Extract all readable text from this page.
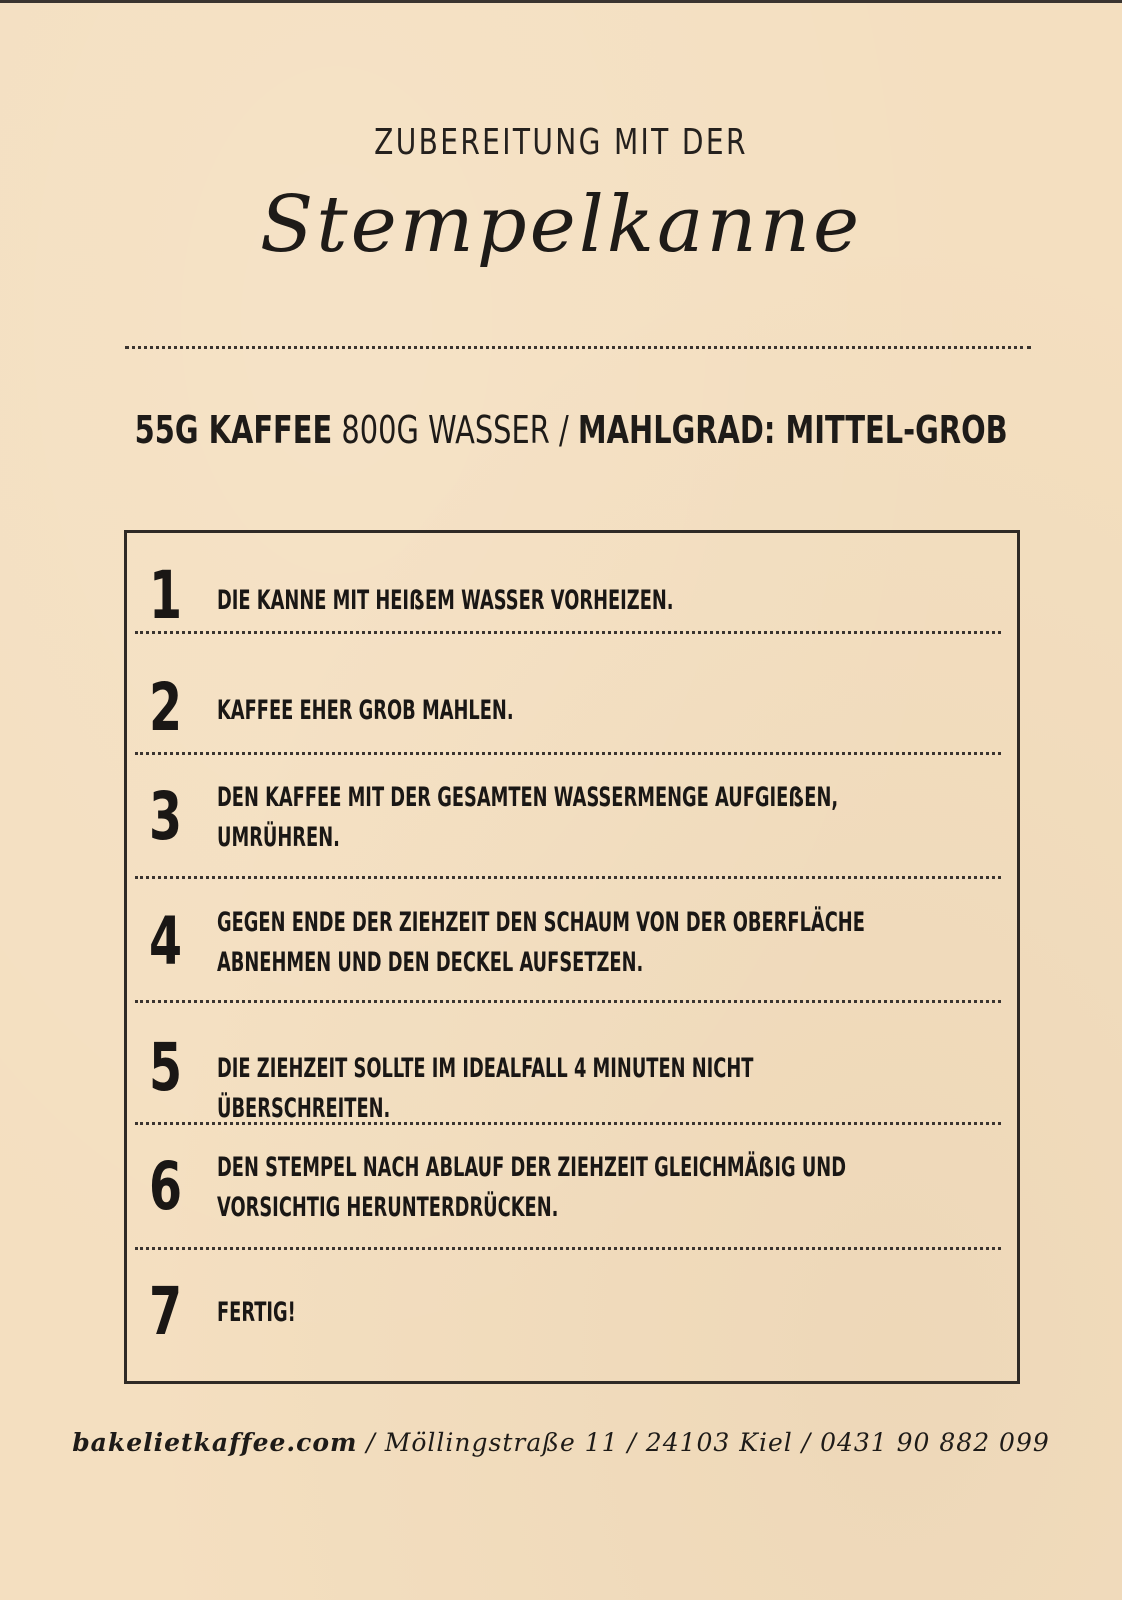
ZUBEREITUNG MIT DER
Stempelkanne
55G KAFFEE 800G WASSER / MAHLGRAD: MITTEL-GROB
1 DIE KANNE MIT HEIẞEM WASSER VORHEIZEN.
2 KAFFEE EHER GROB MAHLEN.
3 DEN KAFFEE MIT DER GESAMTEN WASSERMENGE AUFGIEẞEN,
UMRÜHREN.
4 GEGEN ENDE DER ZIEHZEIT DEN SCHAUM VON DER OBERFLÄCHE
ABNEHMEN UND DEN DECKEL AUFSETZEN.
5 DIE ZIEHZEIT SOLLTE IM IDEALFALL 4 MINUTEN NICHT ÜBERSCHREITEN.
6 DEN STEMPEL NACH ABLAUF DER ZIEHZEIT GLEICHMÄẞIG UND
VORSICHTIG HERUNTERDRÜCKEN.
7 FERTIG!
bakelietkaffee.com / Möllingstraße 11 / 24103 Kiel / 0431 90 882 099
